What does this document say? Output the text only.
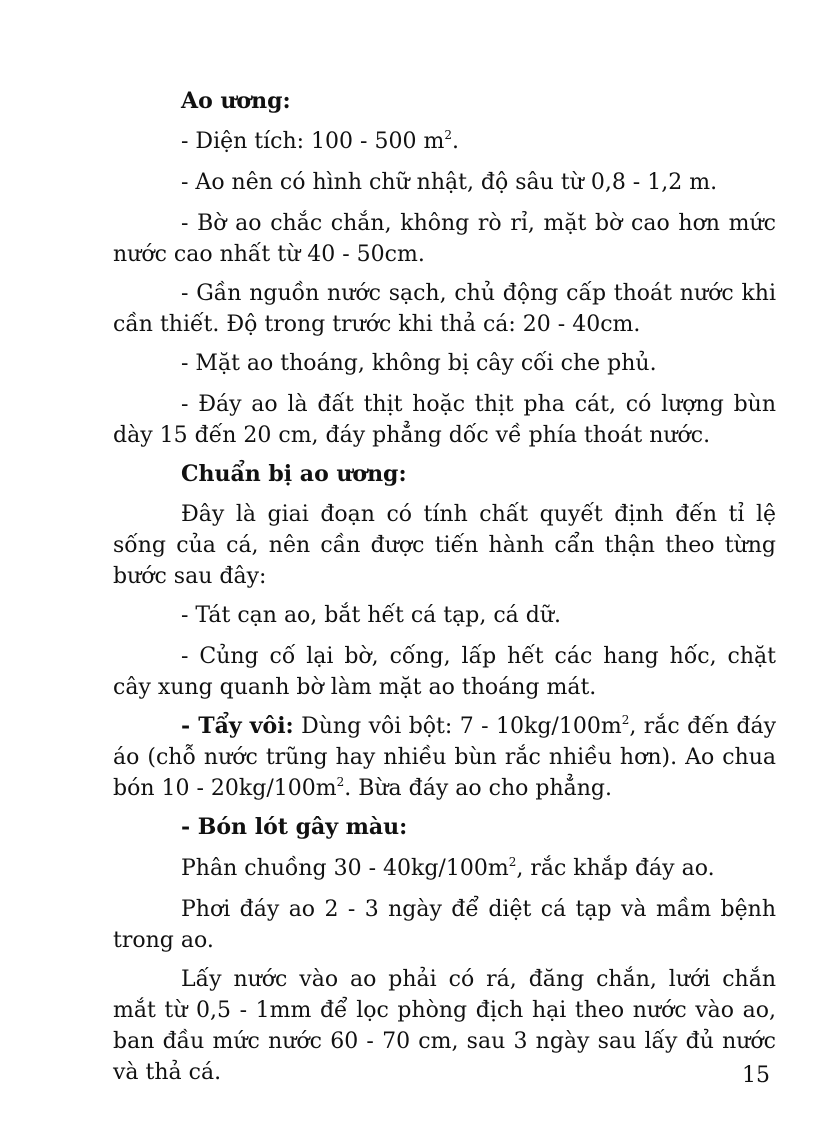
Ao ương:

- Diện tích: 100 - 500 $m^2$.

- Ao nên có hình chữ nhật, độ sâu từ 0,8 - 1,2 m.

- Bờ ao chắc chắn, không rò rỉ, mặt bờ cao hơn mức nước cao nhất từ 40 - 50cm.

- Gần nguồn nước sạch, chủ động cấp thoát nước khi cần thiết. Độ trong trước khi thả cá: 20 - 40cm.

- Mặt ao thoáng, không bị cây cối che phủ.

- Đáy ao là đất thịt hoặc thịt pha cát, có lượng bùn dày 15 đến 20 cm, đáy phẳng dốc về phía thoát nước.

Chuẩn bị ao ương:

Đây là giai đoạn có tính chất quyết định đến tỉ lệ sống của cá, nên cần được tiến hành cẩn thận theo từng bước sau đây:

- Tát cạn ao, bắt hết cá tạp, cá dữ.

- Củng cố lại bờ, cống, lấp hết các hang hốc, chặt cây xung quanh bờ làm mặt ao thoáng mát.

- Tẩy vôi: Dùng vôi bột: $7 - 10kg/100m^2$, rắc đến đáy áo (chỗ nước trũng hay nhiều bùn rắc nhiều hơn). Ao chua bón $10 - 20kg/100m^2$. Bừa đáy ao cho phẳng.

- Bón lót gây màu:

Phân chuồng $30 - 40kg/100m^2$, rắc khắp đáy ao.

Phơi đáy ao 2 - 3 ngày để diệt cá tạp và mầm bệnh trong ao.

Lấy nước vào ao phải có rá, đăng chắn, lưới chắn mắt từ 0,5 - 1mm để lọc phòng địch hại theo nước vào ao, ban đầu mức nước 60 - 70 cm, sau 3 ngày sau lấy đủ nước và thả cá.	15
